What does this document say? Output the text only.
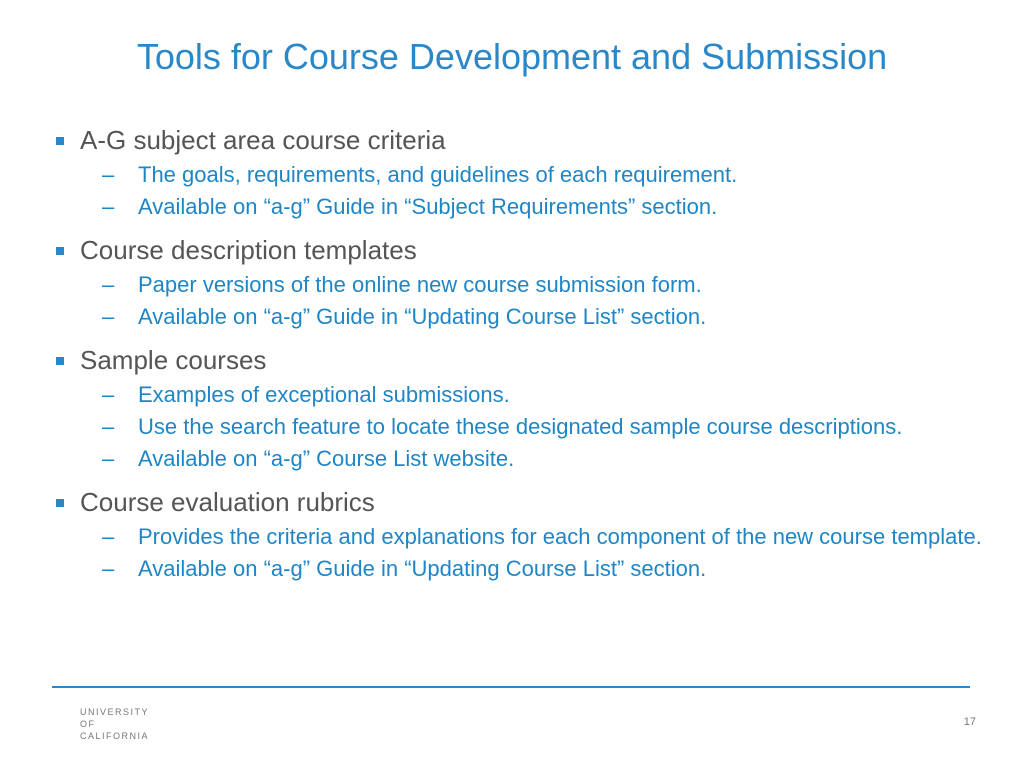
Tools for Course Development and Submission
A-G subject area course criteria
– The goals, requirements, and guidelines of each requirement.
– Available on “a-g” Guide in “Subject Requirements” section.
Course description templates
– Paper versions of the online new course submission form.
– Available on “a-g” Guide in “Updating Course List” section.
Sample courses
– Examples of exceptional submissions.
– Use the search feature to locate these designated sample course descriptions.
– Available on “a-g” Course List website.
Course evaluation rubrics
– Provides the criteria and explanations for each component of the new course template.
– Available on “a-g” Guide in “Updating Course List” section.
UNIVERSITY
OF
CALIFORNIA
17
